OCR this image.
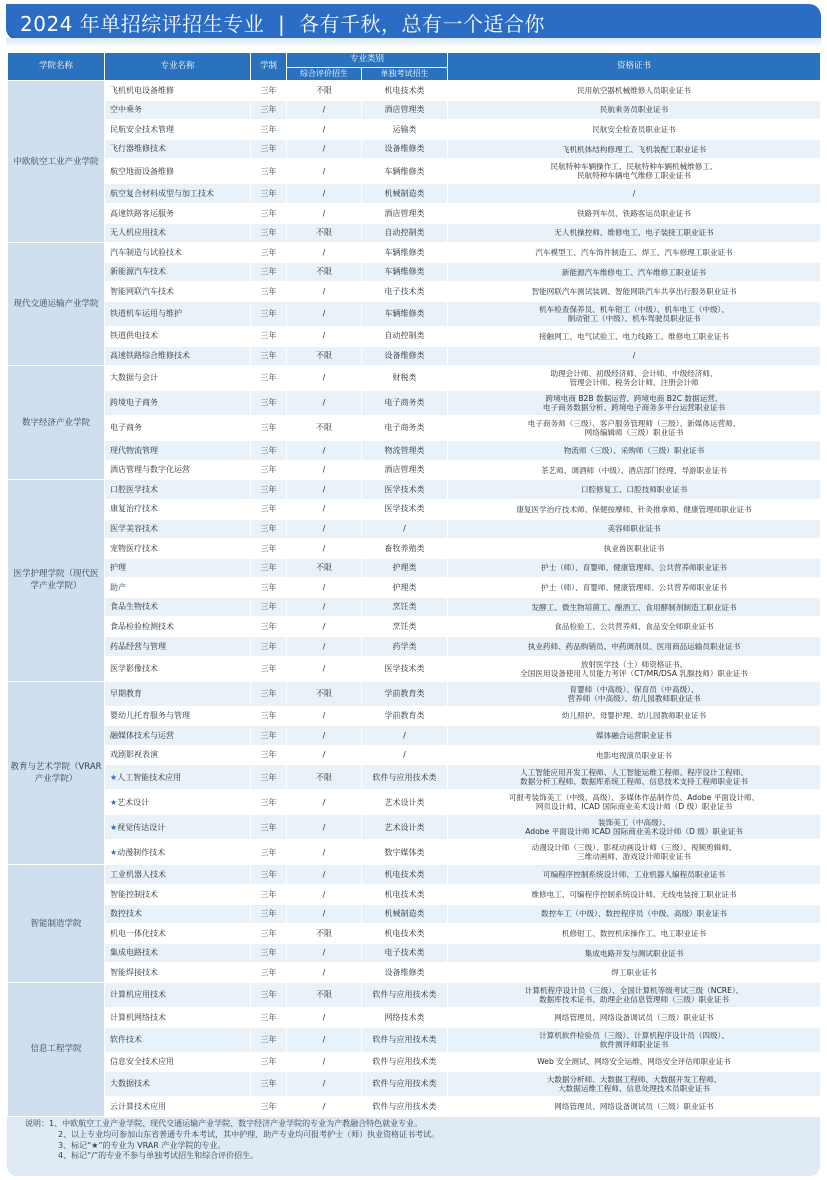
2024 年单招综评招生专业 | 各有千秋，总有一个适合你
学院名称	专业名称	学制	专业类别		资格证书
			综合评价招生	单独考试招生	
中欧航空工业产业学院	飞机机电设备维修	三年	不限	机电技术类	民用航空器机械维修人员职业证书

	空中乘务	三年	/	酒店管理类	民航乘务员职业证书

	民航安全技术管理	三年	/	运输类	民航安全检查员职业证书

	飞行器维修技术	三年	/	设备维修类	飞机机体结构修理工、飞机装配工职业证书

	航空地面设备维修	三年	/	车辆维修类	民航特种车辆操作工、民航特种车辆机械维修工、
民航特种车辆电气维修工职业证书

	航空复合材料成型与加工技术	三年	/	机械制造类	/

	高速铁路客运服务	三年	/	酒店管理类	铁路列车员、铁路客运员职业证书

	无人机应用技术	三年	不限	自动控制类	无人机操控师、维修电工、电子装接工职业证书

现代交通运输产业学院	汽车制造与试验技术	三年	/	车辆维修类	汽车模型工、汽车饰件制造工、焊工、汽车修理工职业证书

	新能源汽车技术	三年	不限	车辆维修类	新能源汽车维修电工、汽车维修工职业证书

	智能网联汽车技术	三年	/	电子技术类	智能网联汽车测试装调、智能网联汽车共享出行服务职业证书

	铁道机车运用与维护	三年	/	车辆维修类	机车检查保养员、机车钳工（中级）、机车电工（中级）、
制动钳工（中级）、机车驾驶员职业证书

	铁道供电技术	三年	/	自动控制类	接触网工、电气试验工、电力线路工、维修电工职业证书

	高速铁路综合维修技术	三年	不限	设备维修类	/

数字经济产业学院	大数据与会计	三年	/	财税类	助理会计师、初级经济师、会计师、中级经济师、
管理会计师、税务会计师、注册会计师

	跨境电子商务	三年	/	电子商务类	跨境电商 B2B 数据运营、跨境电商 B2C 数据运营、
电子商务数据分析、跨境电子商务多平台运营职业证书

	电子商务	三年	不限	电子商务类	电子商务师（三级）、客户服务管理师（三级）、新媒体运营师、
网络编辑师（三级）职业证书

	现代物流管理	三年	/	物流管理类	物流师（三级）、采购师（三级）职业证书

	酒店管理与数字化运营	三年	/	酒店管理类	茶艺师、调酒师（中级）、酒店部门经理、导游职业证书

医学护理学院（现代医学产业学院）	口腔医学技术	三年	/	医学技术类	口腔修复工、口腔技师职业证书

	康复治疗技术	三年	/	医学技术类	康复医学治疗技术师、保健按摩师、针灸推拿师、健康管理师职业证书

	医学美容技术	三年	/	/	美容师职业证书

	宠物医疗技术	三年	/	畜牧养殖类	执业兽医职业证书

	护理	三年	不限	护理类	护士（师）、育婴师、健康管理师、公共营养师职业证书

	助产	三年	/	护理类	护士（师）、育婴师、健康管理师、公共营养师职业证书

	食品生物技术	三年	/	烹饪类	发酵工、微生物培菌工、酿酒工、食用酵制剂制造工职业证书

	食品检验检测技术	三年	/	烹饪类	食品检验工、公共营养师、食品安全师职业证书

	药品经营与管理	三年	/	药学类	执业药师、药品购销员、中药调剂员、医用商品运输员职业证书

	医学影像技术	三年	/	医学技术类	放射医学技（士）师资格证书、
全国医用设备使用人员能力考评（CT/MR/DSA 乳腺技师）职业证书

教育与艺术学院（VRAR 产业学院）	早期教育	三年	不限	学前教育类	育婴师（中高级）、保育员（中高级）、
营养师（中高级）、幼儿园教师职业证书

	婴幼儿托育服务与管理	三年	/	学前教育类	幼儿照护、母婴护理、幼儿园教师职业证书

	融媒体技术与运营	三年	/	/	媒体融合运营职业证书

	戏剧影视表演	三年	/	/	电影电视演员职业证书

	★人工智能技术应用	三年	不限	软件与应用技术类	人工智能应用开发工程师、人工智能运维工程师、程序设计工程师、
数据分析工程师、数据库系统工程师、信息技术支持工程师职业证书

	★艺术设计	三年	/	艺术设计类	可报考装饰美工（中级、高级）、多媒体作品制作员、Adobe 平面设计师、
网页设计师、ICAD 国际商业美术设计师（D 级）职业证书

	★视觉传达设计	三年	/	艺术设计类	装饰美工（中高级）、
Adobe 平面设计师 ICAD 国际商业美术设计师（D 级）职业证书

	★动漫制作技术	三年	/	数字媒体类	动漫设计师（三级）、影视动画设计师（三级）、视频剪辑师、
三维动画师、游戏设计师职业证书

智能制造学院	工业机器人技术	三年	/	机电技术类	可编程序控制系统设计师、工业机器人编程员职业证书

	智能控制技术	三年	/	机电技术类	维修电工、可编程序控制系统设计师、无线电装接工职业证书

	数控技术	三年	/	机械制造类	数控车工（中级）、数控程序员（中级、高级）职业证书

	机电一体化技术	三年	不限	机电技术类	机修钳工、数控机床操作工、电工职业证书

	集成电路技术	三年	/	电子技术类	集成电路开发与测试职业证书

	智能焊接技术	三年	/	设备维修类	焊工职业证书

信息工程学院	计算机应用技术	三年	不限	软件与应用技术类	计算机程序设计员（三级）、全国计算机等级考试三级（NCRE）、
数据库技术证书、助理企业信息管理师（三级）职业证书

	计算机网络技术	三年	/	网络技术类	网络管理员、网络设备调试员（三级）职业证书

	软件技术	三年	/	软件与应用技术类	计算机软件检验员（三级）、计算机程序设计员（四级）、
软件测评师职业证书

	信息安全技术应用	三年	/	软件与应用技术类	Web 安全测试、网络安全运维、网络安全评估师职业证书

	大数据技术	三年	/	软件与应用技术类	大数据分析师、大数据工程师、大数据开发工程师、
大数据运维工程师、信息处理技术员职业证书

	云计算技术应用	三年	/	软件与应用技术类	网络管理员、网络设备调试员（三级）职业证书
说明：1、中欧航空工业产业学院、现代交通运输产业学院、数字经济产业学院的专业为产教融合特色就业专业。
2、以上专业均可参加山东省普通专升本考试，其中护理、助产专业均可报考护士（师）执业资格证书考试。
3、标记“★”的专业为 VRAR 产业学院的专业。
4、标记“/”的专业不参与单独考试招生和综合评价招生。
